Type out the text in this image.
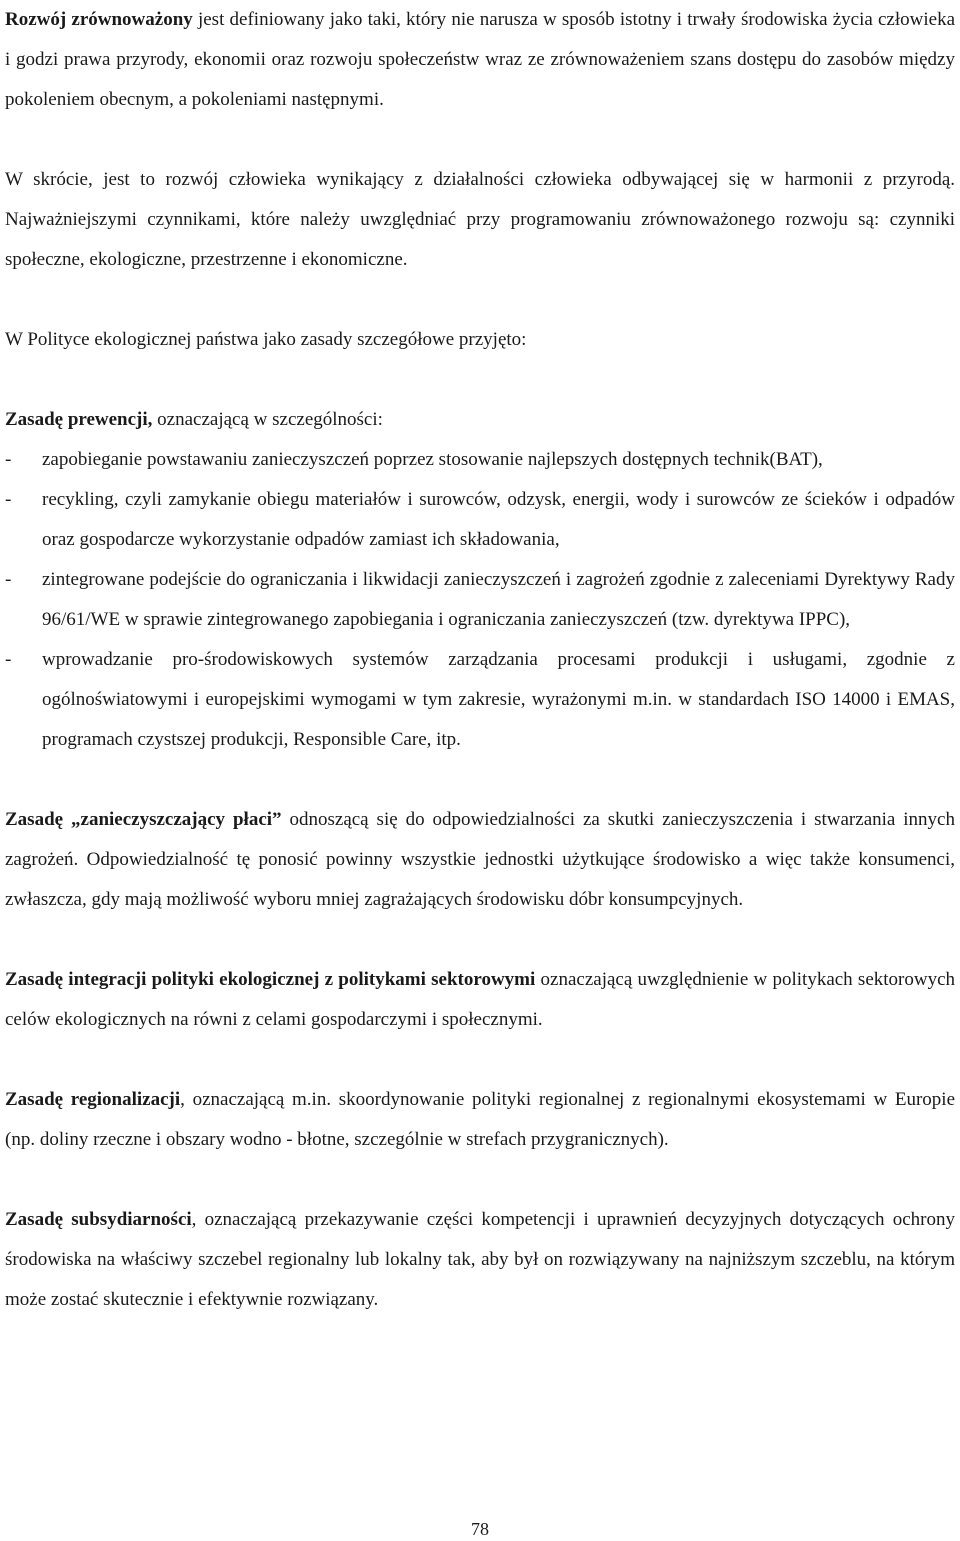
Rozwój zrównoważony jest definiowany jako taki, który nie narusza w sposób istotny i trwały środowiska życia człowieka i godzi prawa przyrody, ekonomii oraz rozwoju społeczeństw wraz ze zrównoważeniem szans dostępu do zasobów między pokoleniem obecnym, a pokoleniami następnymi.

W skrócie, jest to rozwój człowieka wynikający z działalności człowieka odbywającej się w harmonii z przyrodą. Najważniejszymi czynnikami, które należy uwzględniać przy programowaniu zrównoważonego rozwoju są: czynniki społeczne, ekologiczne, przestrzenne i ekonomiczne.

W Polityce ekologicznej państwa jako zasady szczegółowe przyjęto:

Zasadę prewencji, oznaczającą w szczególności:

- zapobieganie powstawaniu zanieczyszczeń poprzez stosowanie najlepszych dostępnych technik(BAT),

- recykling, czyli zamykanie obiegu materiałów i surowców, odzysk, energii, wody i surowców ze ścieków i odpadów oraz gospodarcze wykorzystanie odpadów zamiast ich składowania,

- zintegrowane podejście do ograniczania i likwidacji zanieczyszczeń i zagrożeń zgodnie z zaleceniami Dyrektywy Rady 96/61/WE w sprawie zintegrowanego zapobiegania i ograniczania zanieczyszczeń (tzw. dyrektywa IPPC),

- wprowadzanie pro-środowiskowych systemów zarządzania procesami produkcji i usługami, zgodnie z ogólnoświatowymi i europejskimi wymogami w tym zakresie, wyrażonymi m.in. w standardach ISO 14000 i EMAS, programach czystszej produkcji, Responsible Care, itp.

Zasadę „zanieczyszczający płaci” odnoszącą się do odpowiedzialności za skutki zanieczyszczenia i stwarzania innych zagrożeń. Odpowiedzialność tę ponosić powinny wszystkie jednostki użytkujące środowisko a więc także konsumenci, zwłaszcza, gdy mają możliwość wyboru mniej zagrażających środowisku dóbr konsumpcyjnych.

Zasadę integracji polityki ekologicznej z politykami sektorowymi oznaczającą uwzględnienie w politykach sektorowych celów ekologicznych na równi z celami gospodarczymi i społecznymi.

Zasadę regionalizacji, oznaczającą m.in. skoordynowanie polityki regionalnej z regionalnymi ekosystemami w Europie (np. doliny rzeczne i obszary wodno - błotne, szczególnie w strefach przygranicznych).

Zasadę subsydiarności, oznaczającą przekazywanie części kompetencji i uprawnień decyzyjnych dotyczących ochrony środowiska na właściwy szczebel regionalny lub lokalny tak, aby był on rozwiązywany na najniższym szczeblu, na którym może zostać skutecznie i efektywnie rozwiązany.

78
